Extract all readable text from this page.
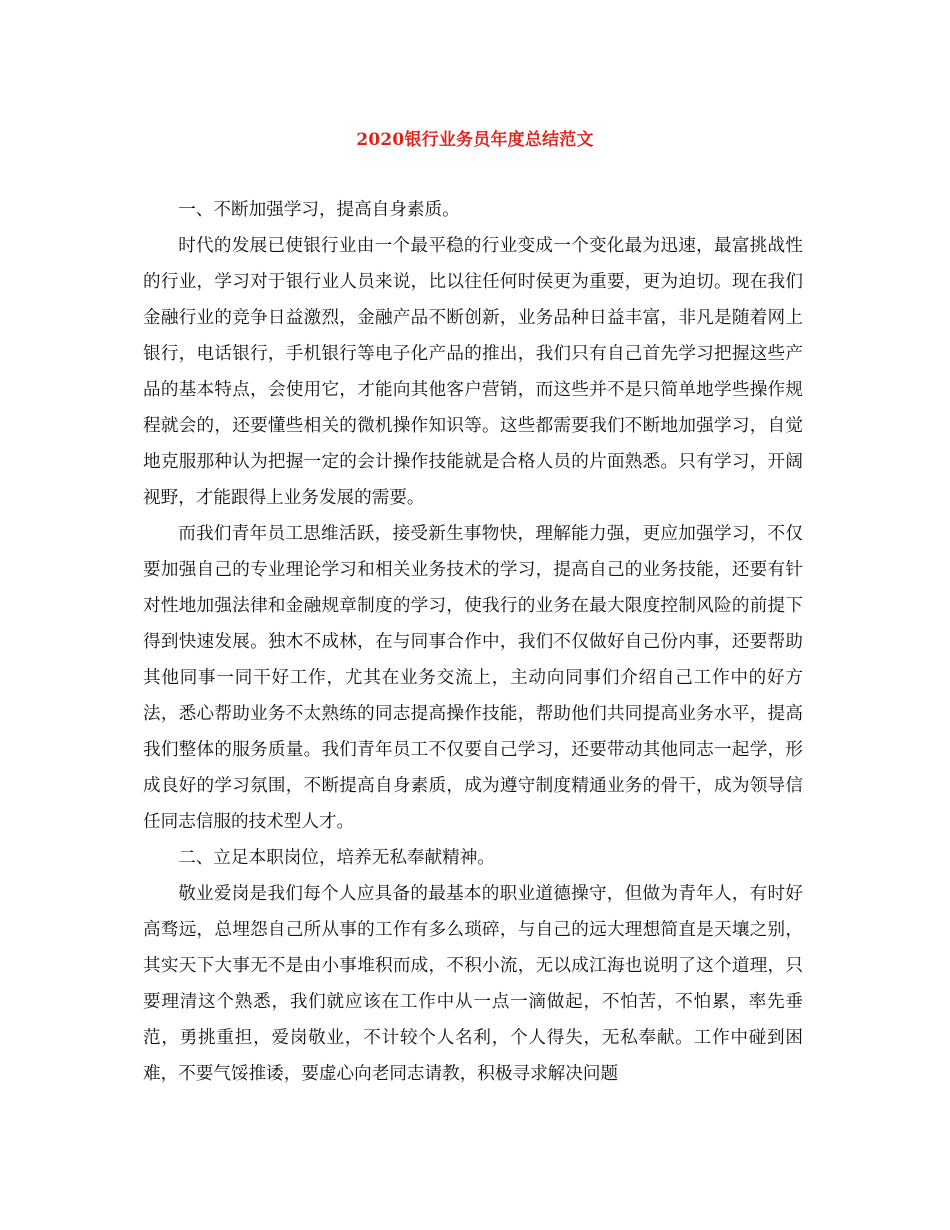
2020银行业务员年度总结范文

一、不断加强学习，提高自身素质。

时代的发展已使银行业由一个最平稳的行业变成一个变化最为迅速，最富挑战性的行业，学习对于银行业人员来说，比以往任何时侯更为重要，更为迫切。现在我们金融行业的竞争日益激烈，金融产品不断创新，业务品种日益丰富，非凡是随着网上银行，电话银行，手机银行等电子化产品的推出，我们只有自己首先学习把握这些产品的基本特点，会使用它，才能向其他客户营销，而这些并不是只简单地学些操作规程就会的，还要懂些相关的微机操作知识等。这些都需要我们不断地加强学习，自觉地克服那种认为把握一定的会计操作技能就是合格人员的片面熟悉。只有学习，开阔视野，才能跟得上业务发展的需要。

而我们青年员工思维活跃，接受新生事物快，理解能力强，更应加强学习，不仅要加强自己的专业理论学习和相关业务技术的学习，提高自己的业务技能，还要有针对性地加强法律和金融规章制度的学习，使我行的业务在最大限度控制风险的前提下得到快速发展。独木不成林，在与同事合作中，我们不仅做好自己份内事，还要帮助其他同事一同干好工作，尤其在业务交流上，主动向同事们介绍自己工作中的好方法，悉心帮助业务不太熟练的同志提高操作技能，帮助他们共同提高业务水平，提高我们整体的服务质量。我们青年员工不仅要自己学习，还要带动其他同志一起学，形成良好的学习氛围，不断提高自身素质，成为遵守制度精通业务的骨干，成为领导信任同志信服的技术型人才。

二、立足本职岗位，培养无私奉献精神。

敬业爱岗是我们每个人应具备的最基本的职业道德操守，但做为青年人，有时好高骛远，总埋怨自己所从事的工作有多么琐碎，与自己的远大理想简直是天壤之别，其实天下大事无不是由小事堆积而成，不积小流，无以成江海也说明了这个道理，只要理清这个熟悉，我们就应该在工作中从一点一滴做起，不怕苦，不怕累，率先垂范，勇挑重担，爱岗敬业，不计较个人名利，个人得失，无私奉献。工作中碰到困难，不要气馁推诿，要虚心向老同志请教，积极寻求解决问题
